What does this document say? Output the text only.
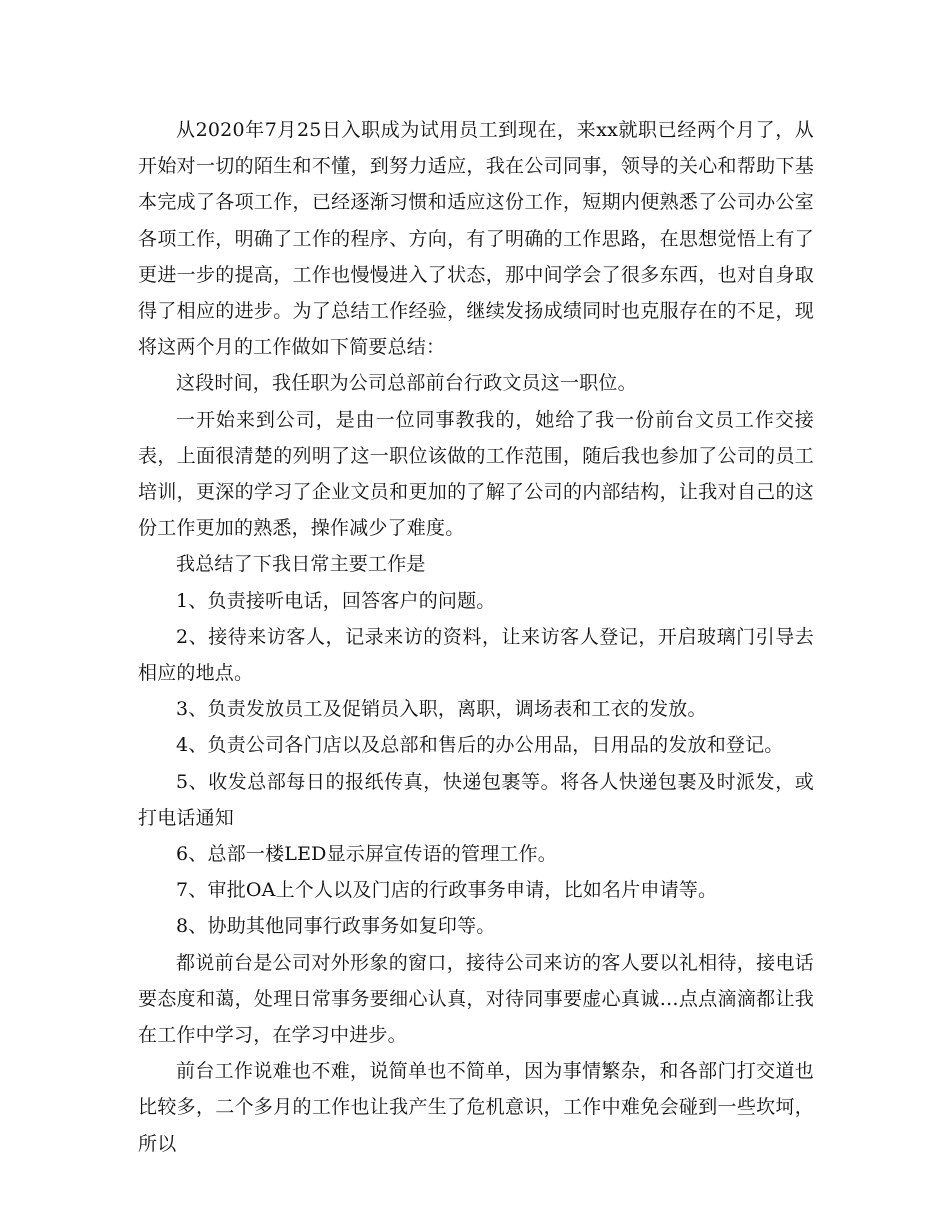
从2020年7月25日入职成为试用员工到现在，来xx就职已经两个月了，从开始对一切的陌生和不懂，到努力适应，我在公司同事，领导的关心和帮助下基本完成了各项工作，已经逐渐习惯和适应这份工作，短期内便熟悉了公司办公室各项工作，明确了工作的程序、方向，有了明确的工作思路，在思想觉悟上有了更进一步的提高，工作也慢慢进入了状态，那中间学会了很多东西，也对自身取得了相应的进步。为了总结工作经验，继续发扬成绩同时也克服存在的不足，现将这两个月的工作做如下简要总结：

这段时间，我任职为公司总部前台行政文员这一职位。

一开始来到公司，是由一位同事教我的，她给了我一份前台文员工作交接表，上面很清楚的列明了这一职位该做的工作范围，随后我也参加了公司的员工培训，更深的学习了企业文员和更加的了解了公司的内部结构，让我对自己的这份工作更加的熟悉，操作减少了难度。

我总结了下我日常主要工作是

1、负责接听电话，回答客户的问题。

2、接待来访客人，记录来访的资料，让来访客人登记，开启玻璃门引导去相应的地点。

3、负责发放员工及促销员入职，离职，调场表和工衣的发放。

4、负责公司各门店以及总部和售后的办公用品，日用品的发放和登记。

5、收发总部每日的报纸传真，快递包裹等。将各人快递包裹及时派发，或打电话通知

6、总部一楼LED显示屏宣传语的管理工作。

7、审批OA上个人以及门店的行政事务申请，比如名片申请等。

8、协助其他同事行政事务如复印等。

都说前台是公司对外形象的窗口，接待公司来访的客人要以礼相待，接电话要态度和蔼，处理日常事务要细心认真，对待同事要虚心真诚…点点滴滴都让我在工作中学习，在学习中进步。

前台工作说难也不难，说简单也不简单，因为事情繁杂，和各部门打交道也比较多，二个多月的工作也让我产生了危机意识，工作中难免会碰到一些坎坷，所以
